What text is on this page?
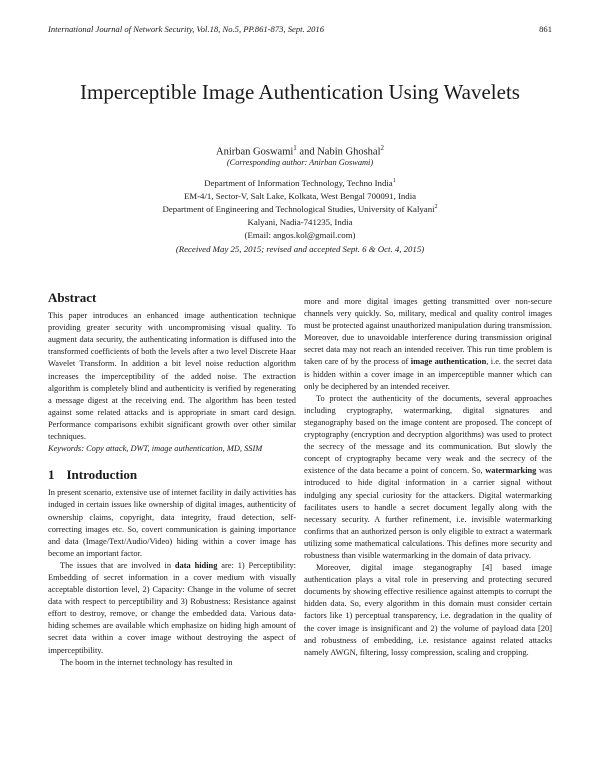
International Journal of Network Security, Vol.18, No.5, PP.861-873, Sept. 2016	861
Imperceptible Image Authentication Using Wavelets
Anirban Goswami$^1$ and Nabin Ghoshal$^2$
(Corresponding author: Anirban Goswami)
Department of Information Technology, Techno India$^1$
EM-4/1, Sector-V, Salt Lake, Kolkata, West Bengal 700091, India
Department of Engineering and Technological Studies, University of Kalyani$^2$
Kalyani, Nadia-741235, India
(Email: angos.kol@gmail.com)
(Received May 25, 2015; revised and accepted Sept. 6 & Oct. 4, 2015)
Abstract

This paper introduces an enhanced image authentication technique providing greater security with uncompromising visual quality. To augment data security, the authenticating information is diffused into the transformed coefficients of both the levels after a two level Discrete Haar Wavelet Transform. In addition a bit level noise reduction algorithm increases the imperceptibility of the added noise. The extraction algorithm is completely blind and authenticity is verified by regenerating a message digest at the receiving end. The algorithm has been tested against some related attacks and is appropriate in smart card design. Performance comparisons exhibit significant growth over other similar techniques.

Keywords: Copy attack, DWT, image authentication, MD, SSIM

1 Introduction

In present scenario, extensive use of internet facility in daily activities has induged in certain issues like ownership of digital images, authenticity of ownership claims, copyright, data integrity, fraud detection, self-correcting images etc. So, covert communication is gaining importance and data (Image/Text/Audio/Video) hiding within a cover image has become an important factor.

The issues that are involved in data hiding are: 1) Perceptibility: Embedding of secret information in a cover medium with visually acceptable distortion level, 2) Capacity: Change in the volume of secret data with respect to perceptibility and 3) Robustness: Resistance against effort to destroy, remove, or change the embedded data. Various data-hiding schemes are available which emphasize on hiding high amount of secret data within a cover image without destroying the aspect of imperceptibility.

The boom in the internet technology has resulted in

more and more digital images getting transmitted over non-secure channels very quickly. So, military, medical and quality control images must be protected against unauthorized manipulation during transmission. Moreover, due to unavoidable interference during transmission original secret data may not reach an intended receiver. This run time problem is taken care of by the process of image authentication, i.e. the secret data is hidden within a cover image in an imperceptible manner which can only be deciphered by an intended receiver.

To protect the authenticity of the documents, several approaches including cryptography, watermarking, digital signatures and steganography based on the image content are proposed. The concept of cryptography (encryption and decryption algorithms) was used to protect the secrecy of the message and its communication. But slowly the concept of cryptography became very weak and the secrecy of the existence of the data became a point of concern. So, watermarking was introduced to hide digital information in a carrier signal without indulging any special curiosity for the attackers. Digital watermarking facilitates users to handle a secret document legally along with the necessary security. A further refinement, i.e. invisible watermarking confirms that an authorized person is only eligible to extract a watermark utilizing some mathematical calculations. This defines more security and robustness than visible watermarking in the domain of data privacy.

Moreover, digital image steganography [4] based image authentication plays a vital role in preserving and protecting secured documents by showing effective resilience against attempts to corrupt the hidden data. So, every algorithm in this domain must consider certain factors like 1) perceptual transparency, i.e. degradation in the quality of the cover image is insignificant and 2) the volume of payload data [20] and robustness of embedding, i.e. resistance against related attacks namely AWGN, filtering, lossy compression, scaling and cropping.
